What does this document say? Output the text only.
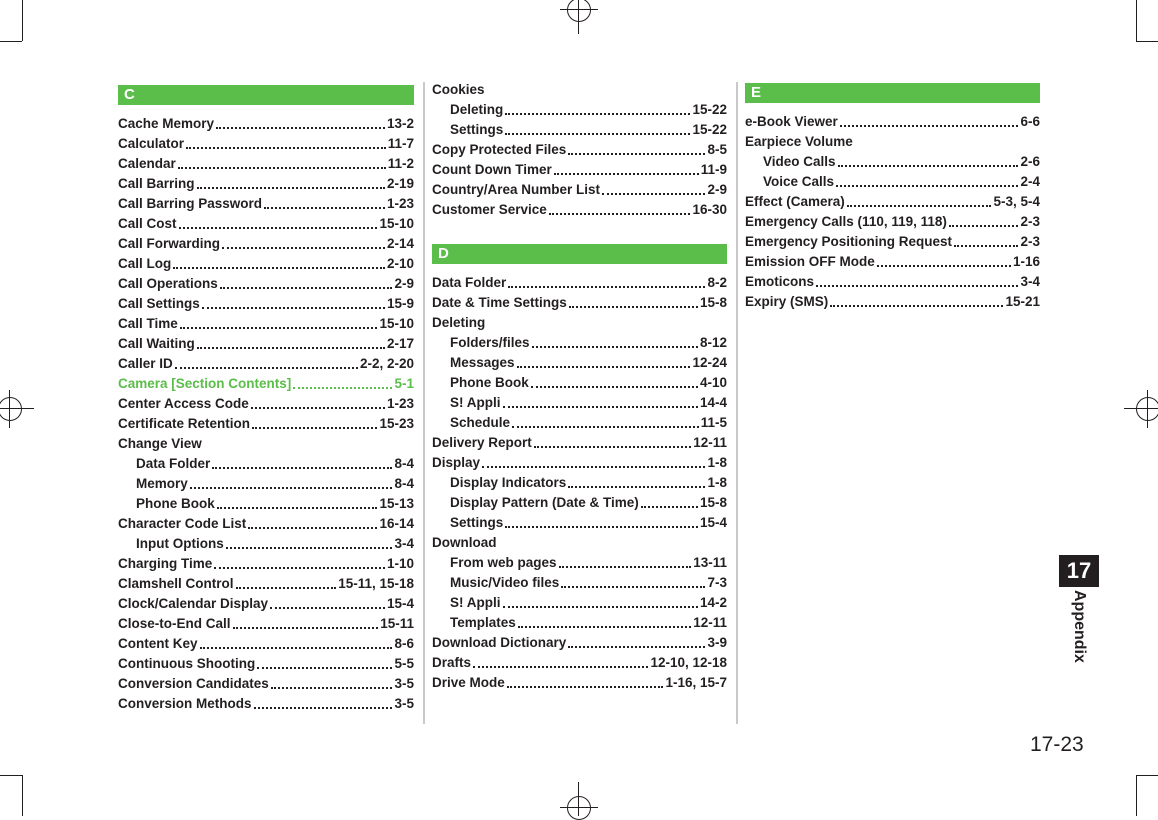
C
Cache Memory	13-2
Calculator	11-7
Calendar	11-2
Call Barring	2-19
Call Barring Password	1-23
Call Cost	15-10
Call Forwarding	2-14
Call Log	2-10
Call Operations	2-9
Call Settings	15-9
Call Time	15-10
Call Waiting	2-17
Caller ID	2-2, 2-20
Camera [Section Contents]	5-1
Center Access Code	1-23
Certificate Retention	15-23
Change View
Data Folder	8-4
Memory	8-4
Phone Book	15-13
Character Code List	16-14
Input Options	3-4
Charging Time	1-10
Clamshell Control	15-11, 15-18
Clock/Calendar Display	15-4
Close-to-End Call	15-11
Content Key	8-6
Continuous Shooting	5-5
Conversion Candidates	3-5
Conversion Methods	3-5
Cookies
Deleting	15-22
Settings	15-22
Copy Protected Files	8-5
Count Down Timer	11-9
Country/Area Number List	2-9
Customer Service	16-30
D
Data Folder	8-2
Date & Time Settings	15-8
Deleting
Folders/files	8-12
Messages	12-24
Phone Book	4-10
S! Appli	14-4
Schedule	11-5
Delivery Report	12-11
Display	1-8
Display Indicators	1-8
Display Pattern (Date & Time)	15-8
Settings	15-4
Download
From web pages	13-11
Music/Video files	7-3
S! Appli	14-2
Templates	12-11
Download Dictionary	3-9
Drafts	12-10, 12-18
Drive Mode	1-16, 15-7
E
e-Book Viewer	6-6
Earpiece Volume
Video Calls	2-6
Voice Calls	2-4
Effect (Camera)	5-3, 5-4
Emergency Calls (110, 119, 118)	2-3
Emergency Positioning Request	2-3
Emission OFF Mode	1-16
Emoticons	3-4
Expiry (SMS)	15-21
17
Appendix
17-23
